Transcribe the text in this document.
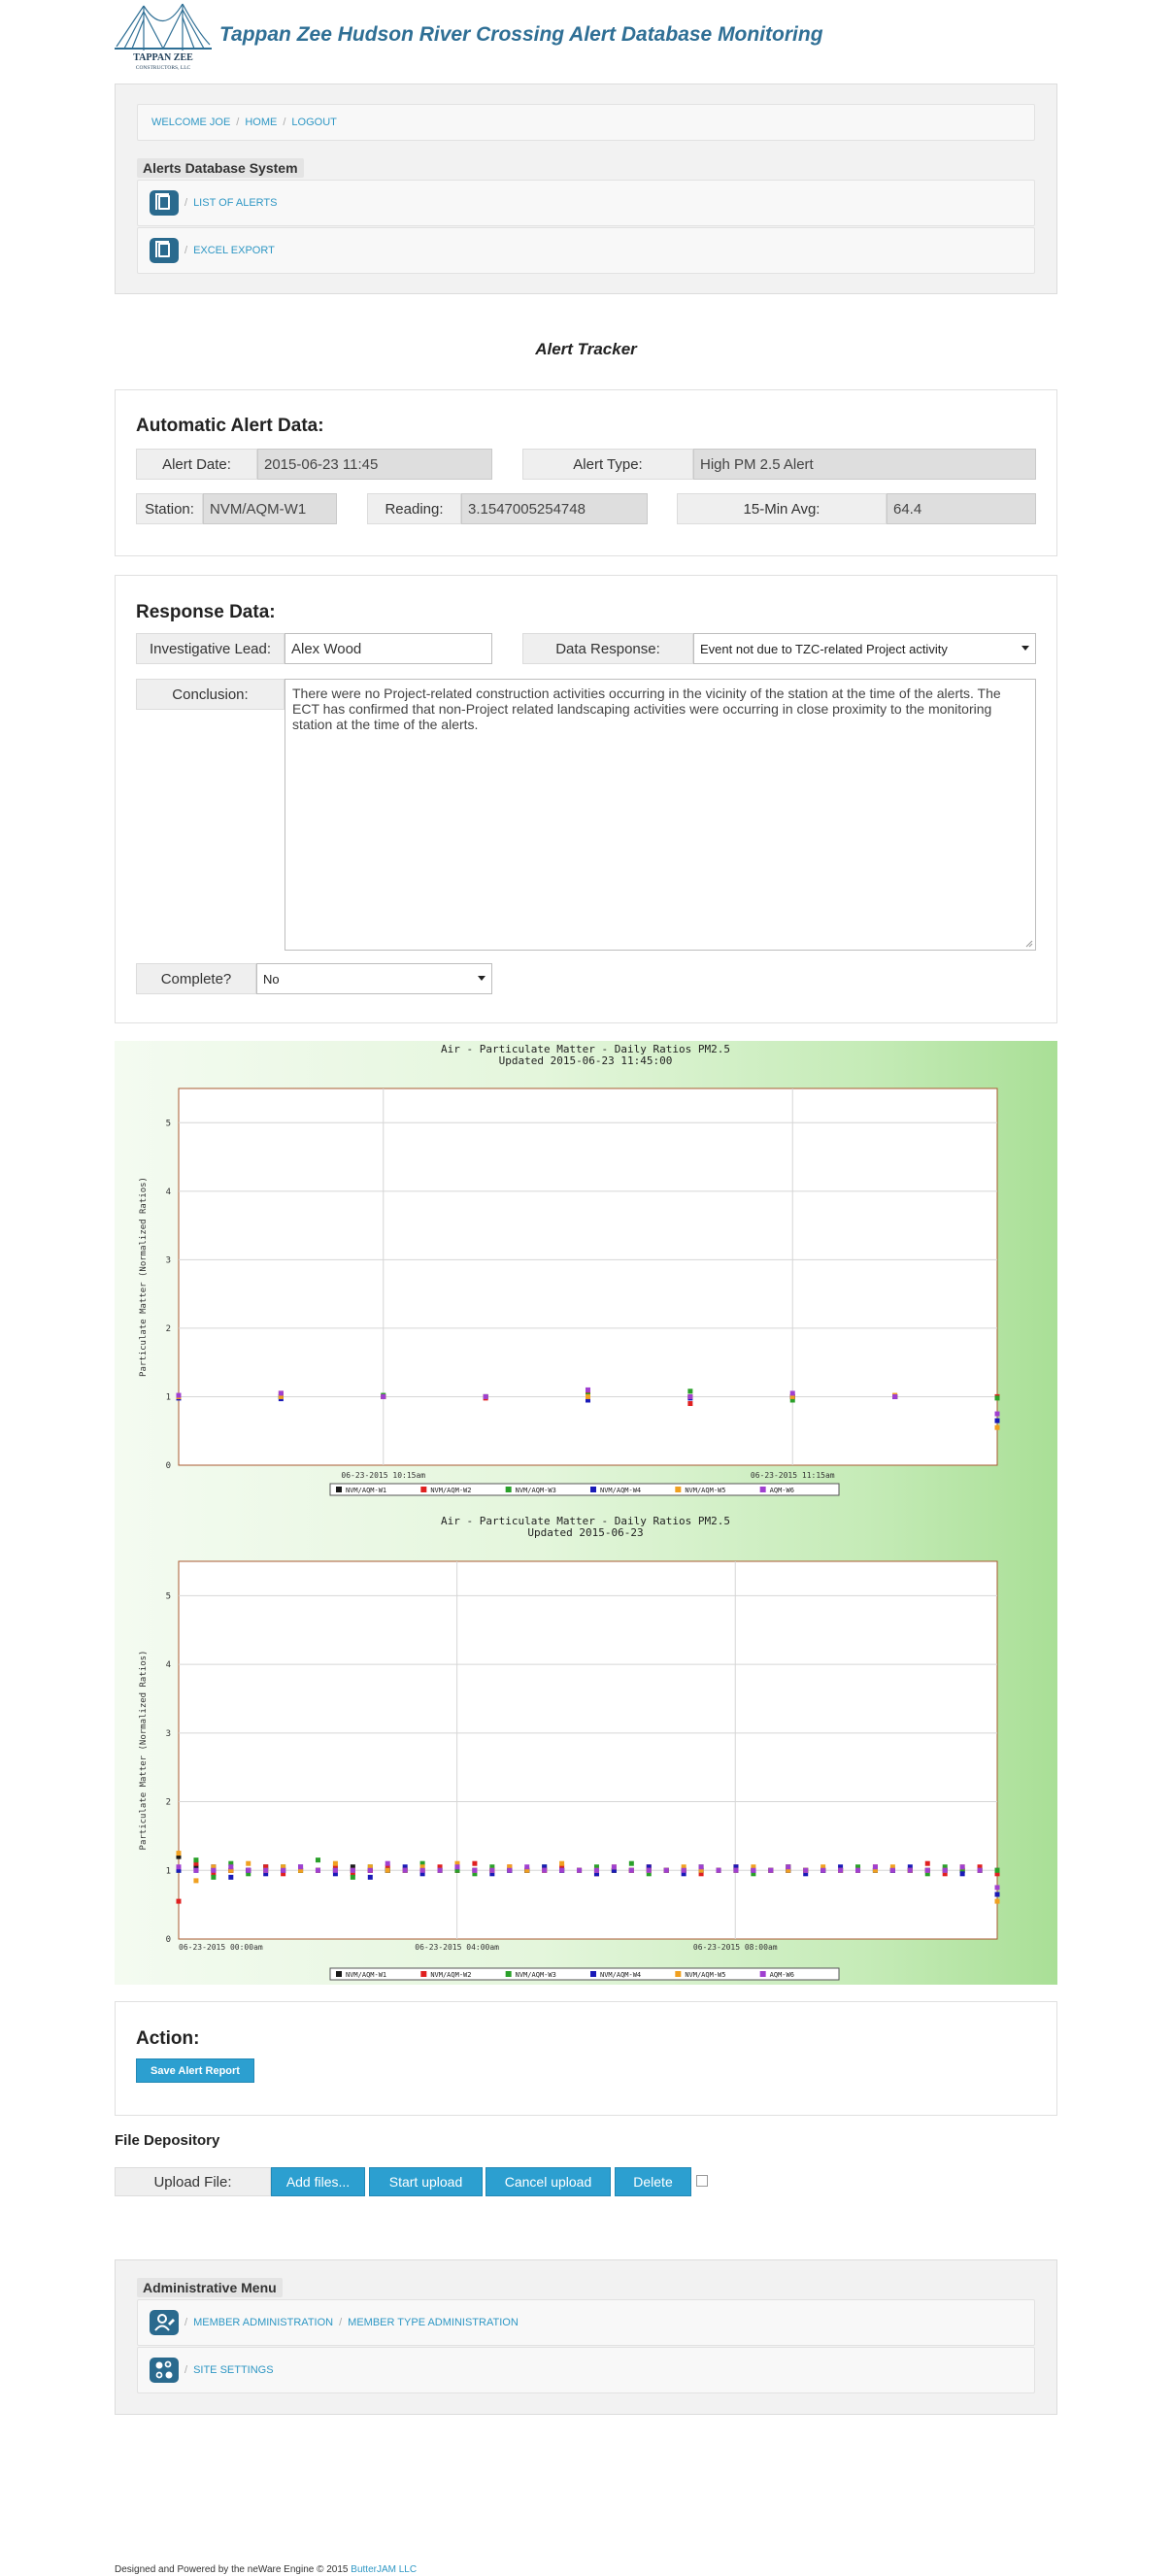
TAPPAN ZEE
CONSTRUCTORS, LLC
Tappan Zee Hudson River Crossing Alert Database Monitoring
WELCOME JOE / HOME / LOGOUT
Alerts Database System
/ LIST OF ALERTS
/ EXCEL EXPORT
Alert Tracker
Automatic Alert Data:
Alert Date:	2015-06-23 11:45	Alert Type:	High PM 2.5 Alert
Station:	NVM/AQM-W1	Reading:	3.1547005254748	15-Min Avg:	64.4
Response Data:
Investigative Lead:	Alex Wood	Data Response:	Event not due to TZC-related Project activity
Conclusion:	There were no Project-related construction activities occurring in the vicinity of the station at the time of the alerts. The ECT has confirmed that non-Project related landscaping activities were occurring in close proximity to the monitoring station at the time of the alerts.
Complete?	No
Air - Particulate Matter - Daily Ratios PM2.5
Updated 2015-06-23 11:45:00
0
1
2
3
4
5
06-23-2015 10:15am	06-23-2015 11:15am
Particulate Matter (Normalized Ratios)
NVM/AQM-W1	NVM/AQM-W2	NVM/AQM-W3	NVM/AQM-W4	NVM/AQM-W5	AQM-W6
Air - Particulate Matter - Daily Ratios PM2.5
Updated 2015-06-23
0
1
2
3
4
5
06-23-2015 00:00am	06-23-2015 04:00am	06-23-2015 08:00am
Particulate Matter (Normalized Ratios)
NVM/AQM-W1	NVM/AQM-W2	NVM/AQM-W3	NVM/AQM-W4	NVM/AQM-W5	AQM-W6
Action:
Save Alert Report
File Depository
Upload File:	Add files...	Start upload	Cancel upload	Delete
Administrative Menu
/ MEMBER ADMINISTRATION / MEMBER TYPE ADMINISTRATION
/ SITE SETTINGS
Designed and Powered by the neWare Engine © 2015 ButterJAM LLC
